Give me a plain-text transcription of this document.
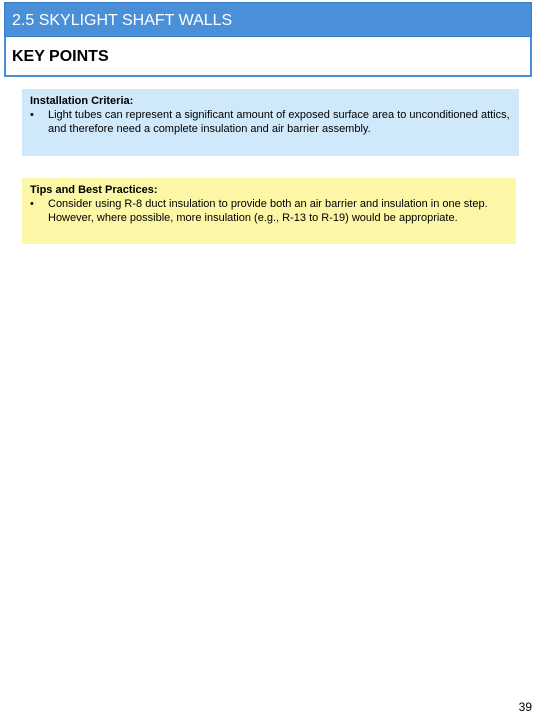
2.5 SKYLIGHT SHAFT WALLS
KEY POINTS
Installation Criteria:
•	Light tubes can represent a significant amount of exposed surface area to unconditioned attics, and therefore need a complete insulation and air barrier assembly.
Tips and Best Practices:
•	Consider using R-8 duct insulation to provide both an air barrier and insulation in one step. However, where possible, more insulation (e.g., R-13 to R-19) would be appropriate.
39
